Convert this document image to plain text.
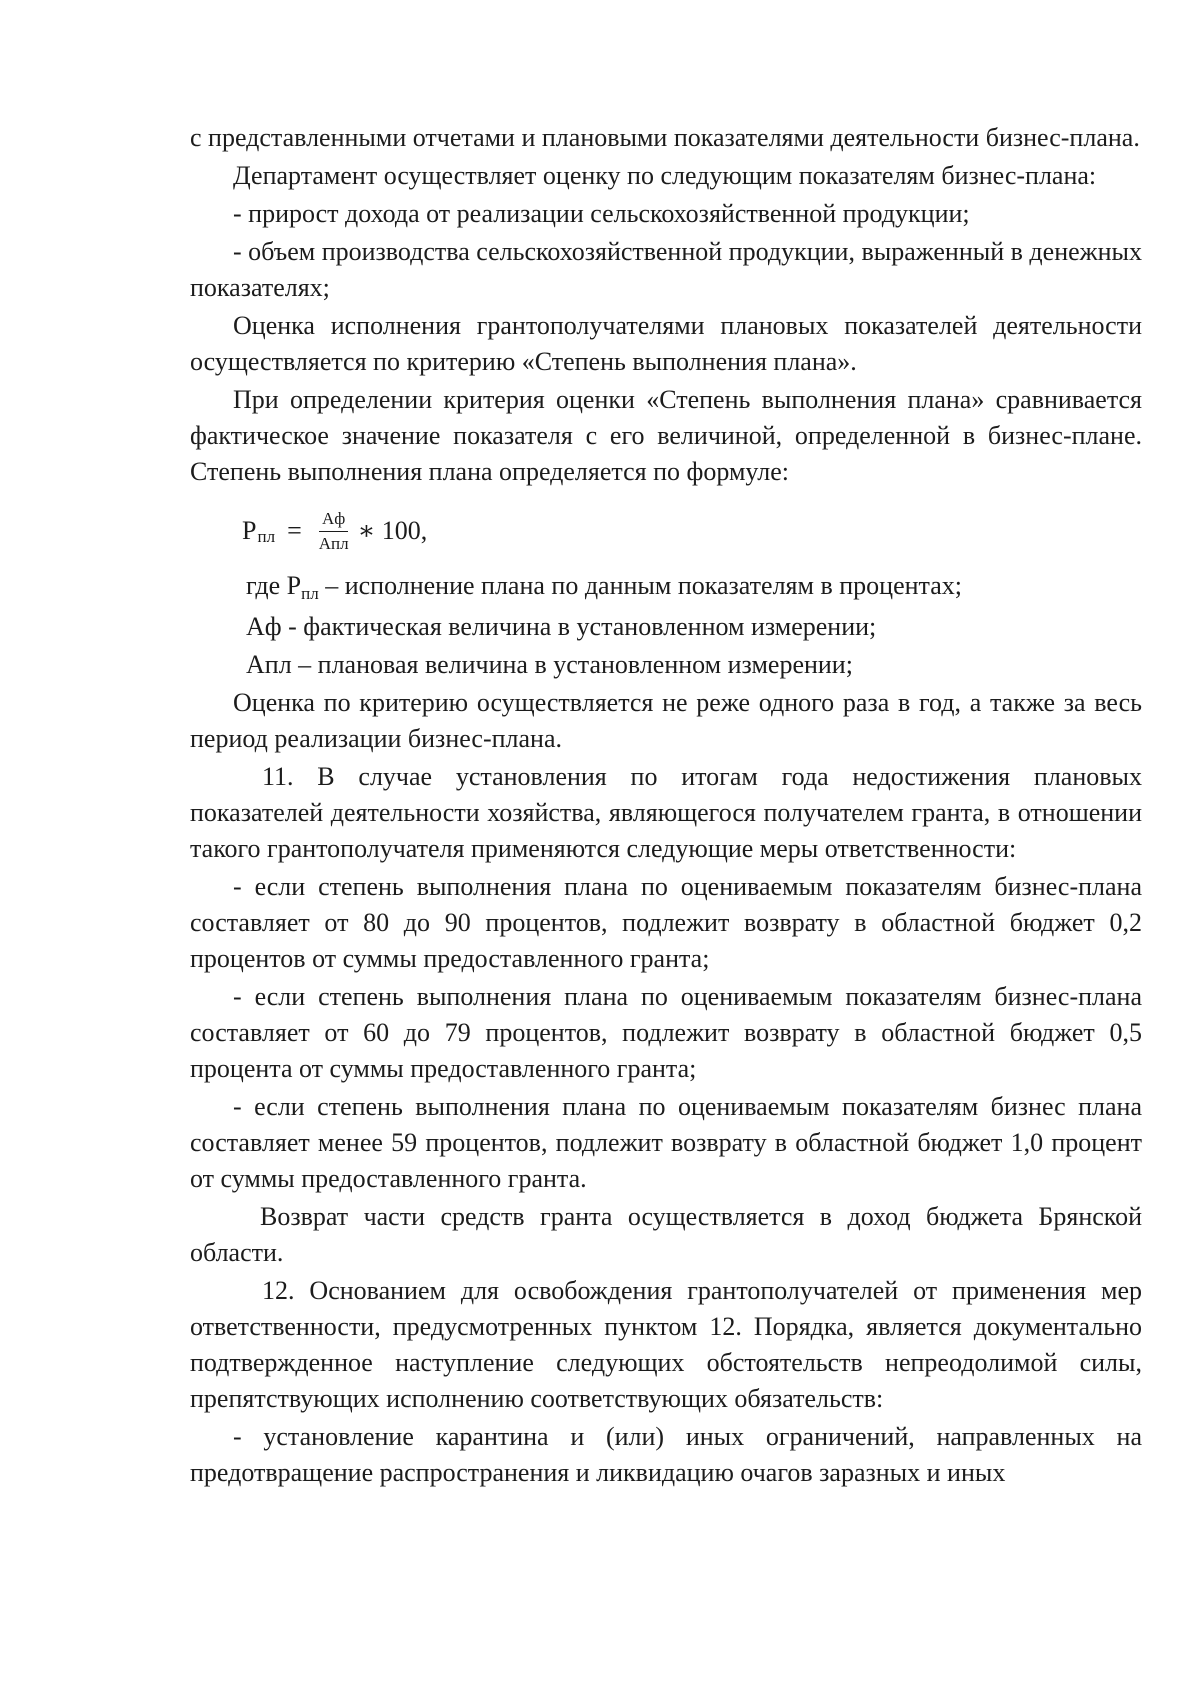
с представленными отчетами и плановыми показателями деятельности бизнес-плана.

Департамент осуществляет оценку по следующим показателям бизнес-плана:

- прирост дохода от реализации сельскохозяйственной продукции;

- объем производства сельскохозяйственной продукции, выраженный в денежных показателях;

Оценка исполнения грантополучателями плановых показателей деятельности осуществляется по критерию «Степень выполнения плана».

При определении критерия оценки «Степень выполнения плана» сравнивается фактическое значение показателя с его величиной, определенной в бизнес-плане. Степень выполнения плана определяется по формуле:

P пл = $\frac{Aф}{\text{Aпл}}$ ∗ 100,

где Pпл – исполнение плана по данным показателям в процентах;

Aф - фактическая величина в установленном измерении;

Aпл – плановая величина в установленном измерении;

Оценка по критерию осуществляется не реже одного раза в год, а также за весь период реализации бизнес-плана.

11. В случае установления по итогам года недостижения плановых показателей деятельности хозяйства, являющегося получателем гранта, в отношении такого грантополучателя применяются следующие меры ответственности:

- если степень выполнения плана по оцениваемым показателям бизнес-плана составляет от 80 до 90 процентов, подлежит возврату в областной бюджет 0,2 процентов от суммы предоставленного гранта;

- если степень выполнения плана по оцениваемым показателям бизнес-плана составляет от 60 до 79 процентов, подлежит возврату в областной бюджет 0,5 процента от суммы предоставленного гранта;

- если степень выполнения плана по оцениваемым показателям бизнес плана составляет менее 59 процентов, подлежит возврату в областной бюджет 1,0 процент от суммы предоставленного гранта.

Возврат части средств гранта осуществляется в доход бюджета Брянской области.

12. Основанием для освобождения грантополучателей от применения мер ответственности, предусмотренных пунктом 12. Порядка, является документально подтвержденное наступление следующих обстоятельств непреодолимой силы, препятствующих исполнению соответствующих обязательств:

- установление карантина и (или) иных ограничений, направленных на предотвращение распространения и ликвидацию очагов заразных и иных
